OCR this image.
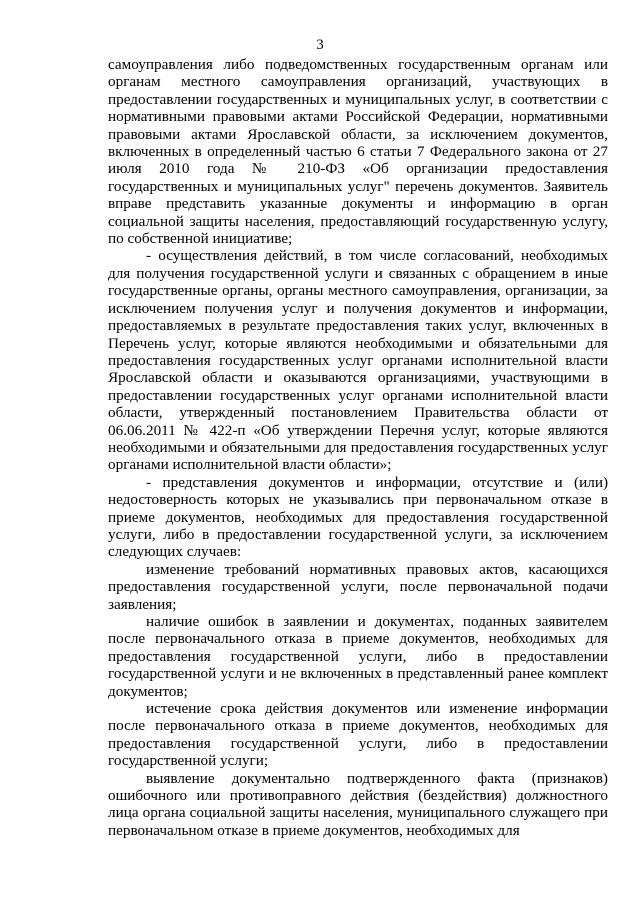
3

самоуправления либо подведомственных государственным органам или органам местного самоуправления организаций, участвующих в предоставлении государственных и муниципальных услуг, в соответствии с нормативными правовыми актами Российской Федерации, нормативными правовыми актами Ярославской области, за исключением документов, включенных в определенный частью 6 статьи 7 Федерального закона от 27 июля 2010 года № 210-ФЗ «Об организации предоставления государственных и муниципальных услуг" перечень документов. Заявитель вправе представить указанные документы и информацию в орган социальной защиты населения, предоставляющий государственную услугу, по собственной инициативе;

- осуществления действий, в том числе согласований, необходимых для получения государственной услуги и связанных с обращением в иные государственные органы, органы местного самоуправления, организации, за исключением получения услуг и получения документов и информации, предоставляемых в результате предоставления таких услуг, включенных в Перечень услуг, которые являются необходимыми и обязательными для предоставления государственных услуг органами исполнительной власти Ярославской области и оказываются организациями, участвующими в предоставлении государственных услуг органами исполнительной власти области, утвержденный постановлением Правительства области от 06.06.2011 № 422-п «Об утверждении Перечня услуг, которые являются необходимыми и обязательными для предоставления государственных услуг органами исполнительной власти области»;

- представления документов и информации, отсутствие и (или) недостоверность которых не указывались при первоначальном отказе в приеме документов, необходимых для предоставления государственной услуги, либо в предоставлении государственной услуги, за исключением следующих случаев:

изменение требований нормативных правовых актов, касающихся предоставления государственной услуги, после первоначальной подачи заявления;

наличие ошибок в заявлении и документах, поданных заявителем после первоначального отказа в приеме документов, необходимых для предоставления государственной услуги, либо в предоставлении государственной услуги и не включенных в представленный ранее комплект документов;

истечение срока действия документов или изменение информации после первоначального отказа в приеме документов, необходимых для предоставления государственной услуги, либо в предоставлении государственной услуги;

выявление документально подтвержденного факта (признаков) ошибочного или противоправного действия (бездействия) должностного лица органа социальной защиты населения, муниципального служащего при первоначальном отказе в приеме документов, необходимых для
